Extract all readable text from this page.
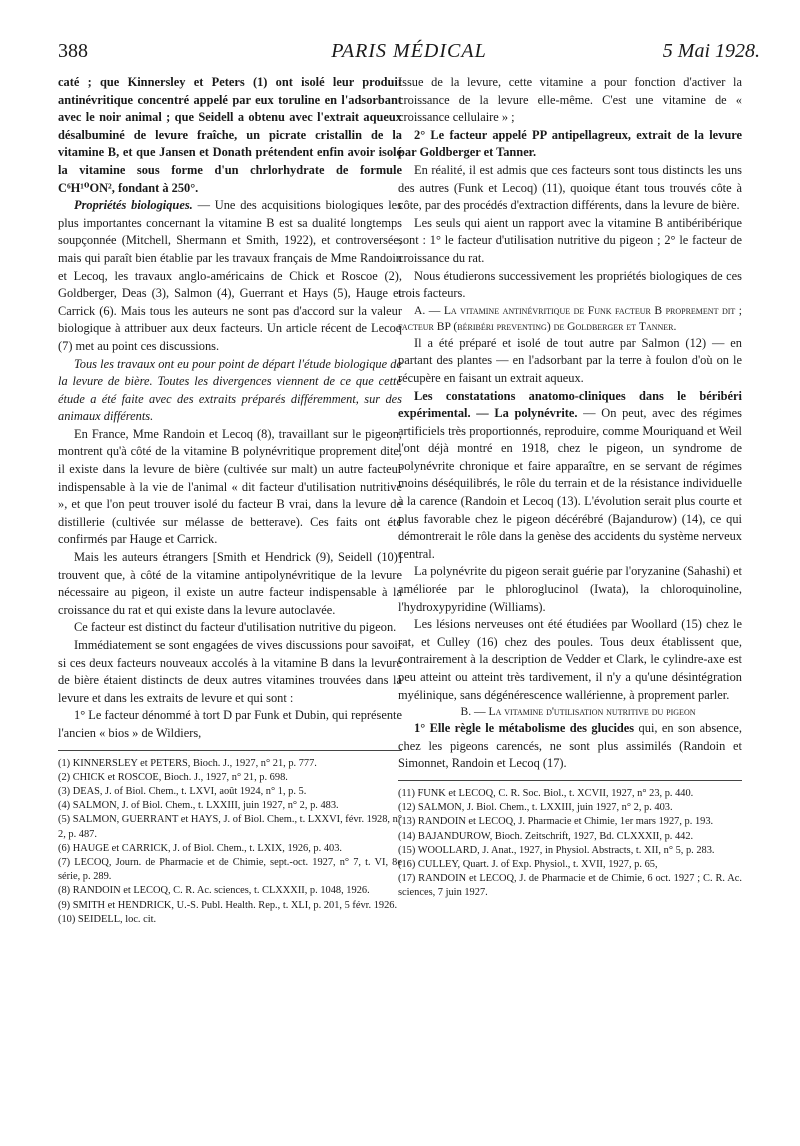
388	PARIS MÉDICAL	5 Mai 1928.

caté ; que Kinnersley et Peters (1) ont isolé leur produit antinévritique concentré appelé par eux toruline en l'adsorbant avec le noir animal ; que Seidell a obtenu avec l'extrait aqueux désalbuminé de levure fraîche, un picrate cristallin de la vitamine B, et que Jansen et Donath prétendent enfin avoir isolé la vitamine sous forme d'un chrlorhydrate de formule C⁶H¹⁰ON², fondant à 250°.

Propriétés biologiques. — Une des acquisitions biologiques les plus importantes concernant la vitamine B est sa dualité longtemps soupçonnée (Mitchell, Shermann et Smith, 1922), et controversée, mais qui paraît bien établie par les travaux français de Mme Randoin et Lecoq, les travaux anglo-américains de Chick et Roscoe (2), Goldberger, Deas (3), Salmon (4), Guerrant et Hays (5), Hauge et Carrick (6). Mais tous les auteurs ne sont pas d'accord sur la valeur biologique à attribuer aux deux facteurs. Un article récent de Lecoq (7) met au point ces discussions.

Tous les travaux ont eu pour point de départ l'étude biologique de la levure de bière. Toutes les divergences viennent de ce que cette étude a été faite avec des extraits préparés différemment, sur des animaux différents.

En France, Mme Randoin et Lecoq (8), travaillant sur le pigeon, montrent qu'à côté de la vitamine B polynévritique proprement dite, il existe dans la levure de bière (cultivée sur malt) un autre facteur indispensable à la vie de l'animal « dit facteur d'utilisation nutritive », et que l'on peut trouver isolé du facteur B vrai, dans la levure de distillerie (cultivée sur mélasse de betterave). Ces faits ont été confirmés par Hauge et Carrick.

Mais les auteurs étrangers [Smith et Hendrick (9), Seidell (10)] trouvent que, à côté de la vitamine antipolynévritique de la levure nécessaire au pigeon, il existe un autre facteur indispensable à la croissance du rat et qui existe dans la levure autoclavée.

Ce facteur est distinct du facteur d'utilisation nutritive du pigeon.

Immédiatement se sont engagées de vives discussions pour savoir si ces deux facteurs nouveaux accolés à la vitamine B dans la levure de bière étaient distincts de deux autres vitamines trouvées dans la levure et dans les extraits de levure et qui sont :

1° Le facteur dénommé à tort D par Funk et Dubin, qui représente l'ancien « bios » de Wildiers,

(1) KINNERSLEY et PETERS, Bioch. J., 1927, n° 21, p. 777.

(2) CHICK et ROSCOE, Bioch. J., 1927, n° 21, p. 698.

(3) DEAS, J. of Biol. Chem., t. LXVI, août 1924, n° 1, p. 5.

(4) SALMON, J. of Biol. Chem., t. LXXIII, juin 1927, n° 2, p. 483.

(5) SALMON, GUERRANT et HAYS, J. of Biol. Chem., t. LXXVI, févr. 1928, n° 2, p. 487.

(6) HAUGE et CARRICK, J. of Biol. Chem., t. LXIX, 1926, p. 403.

(7) LECOQ, Journ. de Pharmacie et de Chimie, sept.-oct. 1927, n° 7, t. VI, 8e série, p. 289.

(8) RANDOIN et LECOQ, C. R. Ac. sciences, t. CLXXXII, p. 1048, 1926.

(9) SMITH et HENDRICK, U.-S. Publ. Health. Rep., t. XLI, p. 201, 5 févr. 1926.

(10) SEIDELL, loc. cit.

Issue de la levure, cette vitamine a pour fonction d'activer la croissance de la levure elle-même. C'est une vitamine de « croissance cellulaire » ;

2° Le facteur appelé PP antipellagreux, extrait de la levure par Goldberger et Tanner.

En réalité, il est admis que ces facteurs sont tous distincts les uns des autres (Funk et Lecoq) (11), quoique étant tous trouvés côte à côte, par des procédés d'extraction différents, dans la levure de bière.

Les seuls qui aient un rapport avec la vitamine B antibéribérique sont : 1° le facteur d'utilisation nutritive du pigeon ; 2° le facteur de croissance du rat.

Nous étudierons successivement les propriétés biologiques de ces trois facteurs.

A. — La vitamine antinévritique de Funk facteur B proprement dit ; facteur BP (béribéri preventing) de Goldberger et Tanner.

Il a été préparé et isolé de tout autre par Salmon (12) — en partant des plantes — en l'adsorbant par la terre à foulon d'où on le récupère en faisant un extrait aqueux.

Les constatations anatomo-cliniques dans le béribéri expérimental. — La polynévrite. — On peut, avec des régimes artificiels très proportionnés, reproduire, comme Mouriquand et Weil l'ont déjà montré en 1918, chez le pigeon, un syndrome de polynévrite chronique et faire apparaître, en se servant de régimes moins déséquilibrés, le rôle du terrain et de la résistance individuelle à la carence (Randoin et Lecoq (13). L'évolution serait plus courte et plus favorable chez le pigeon décérébré (Bajandurow) (14), ce qui démontrerait le rôle dans la genèse des accidents du système nerveux central.

La polynévrite du pigeon serait guérie par l'oryzanine (Sahashi) et améliorée par le phloroglucinol (Iwata), la chloroquinoline, l'hydroxypyridine (Williams).

Les lésions nerveuses ont été étudiées par Woollard (15) chez le rat, et Culley (16) chez des poules. Tous deux établissent que, contrairement à la description de Vedder et Clark, le cylindre-axe est peu atteint ou atteint très tardivement, il n'y a qu'une désintégration myélinique, sans dégénérescence wallérienne, à proprement parler.

B. — La vitamine d'utilisation nutritive du pigeon

1° Elle règle le métabolisme des glucides qui, en son absence, chez les pigeons carencés, ne sont plus assimilés (Randoin et Simonnet, Randoin et Lecoq (17).

(11) FUNK et LECOQ, C. R. Soc. Biol., t. XCVII, 1927, n° 23, p. 440.

(12) SALMON, J. Biol. Chem., t. LXXIII, juin 1927, n° 2, p. 403.

(13) RANDOIN et LECOQ, J. Pharmacie et Chimie, 1er mars 1927, p. 193.

(14) BAJANDUROW, Bioch. Zeitschrift, 1927, Bd. CLXXXII, p. 442.

(15) WOOLLARD, J. Anat., 1927, in Physiol. Abstracts, t. XII, n° 5, p. 283.

(16) CULLEY, Quart. J. of Exp. Physiol., t. XVII, 1927, p. 65,

(17) RANDOIN et LECOQ, J. de Pharmacie et de Chimie, 6 oct. 1927 ; C. R. Ac. sciences, 7 juin 1927.
